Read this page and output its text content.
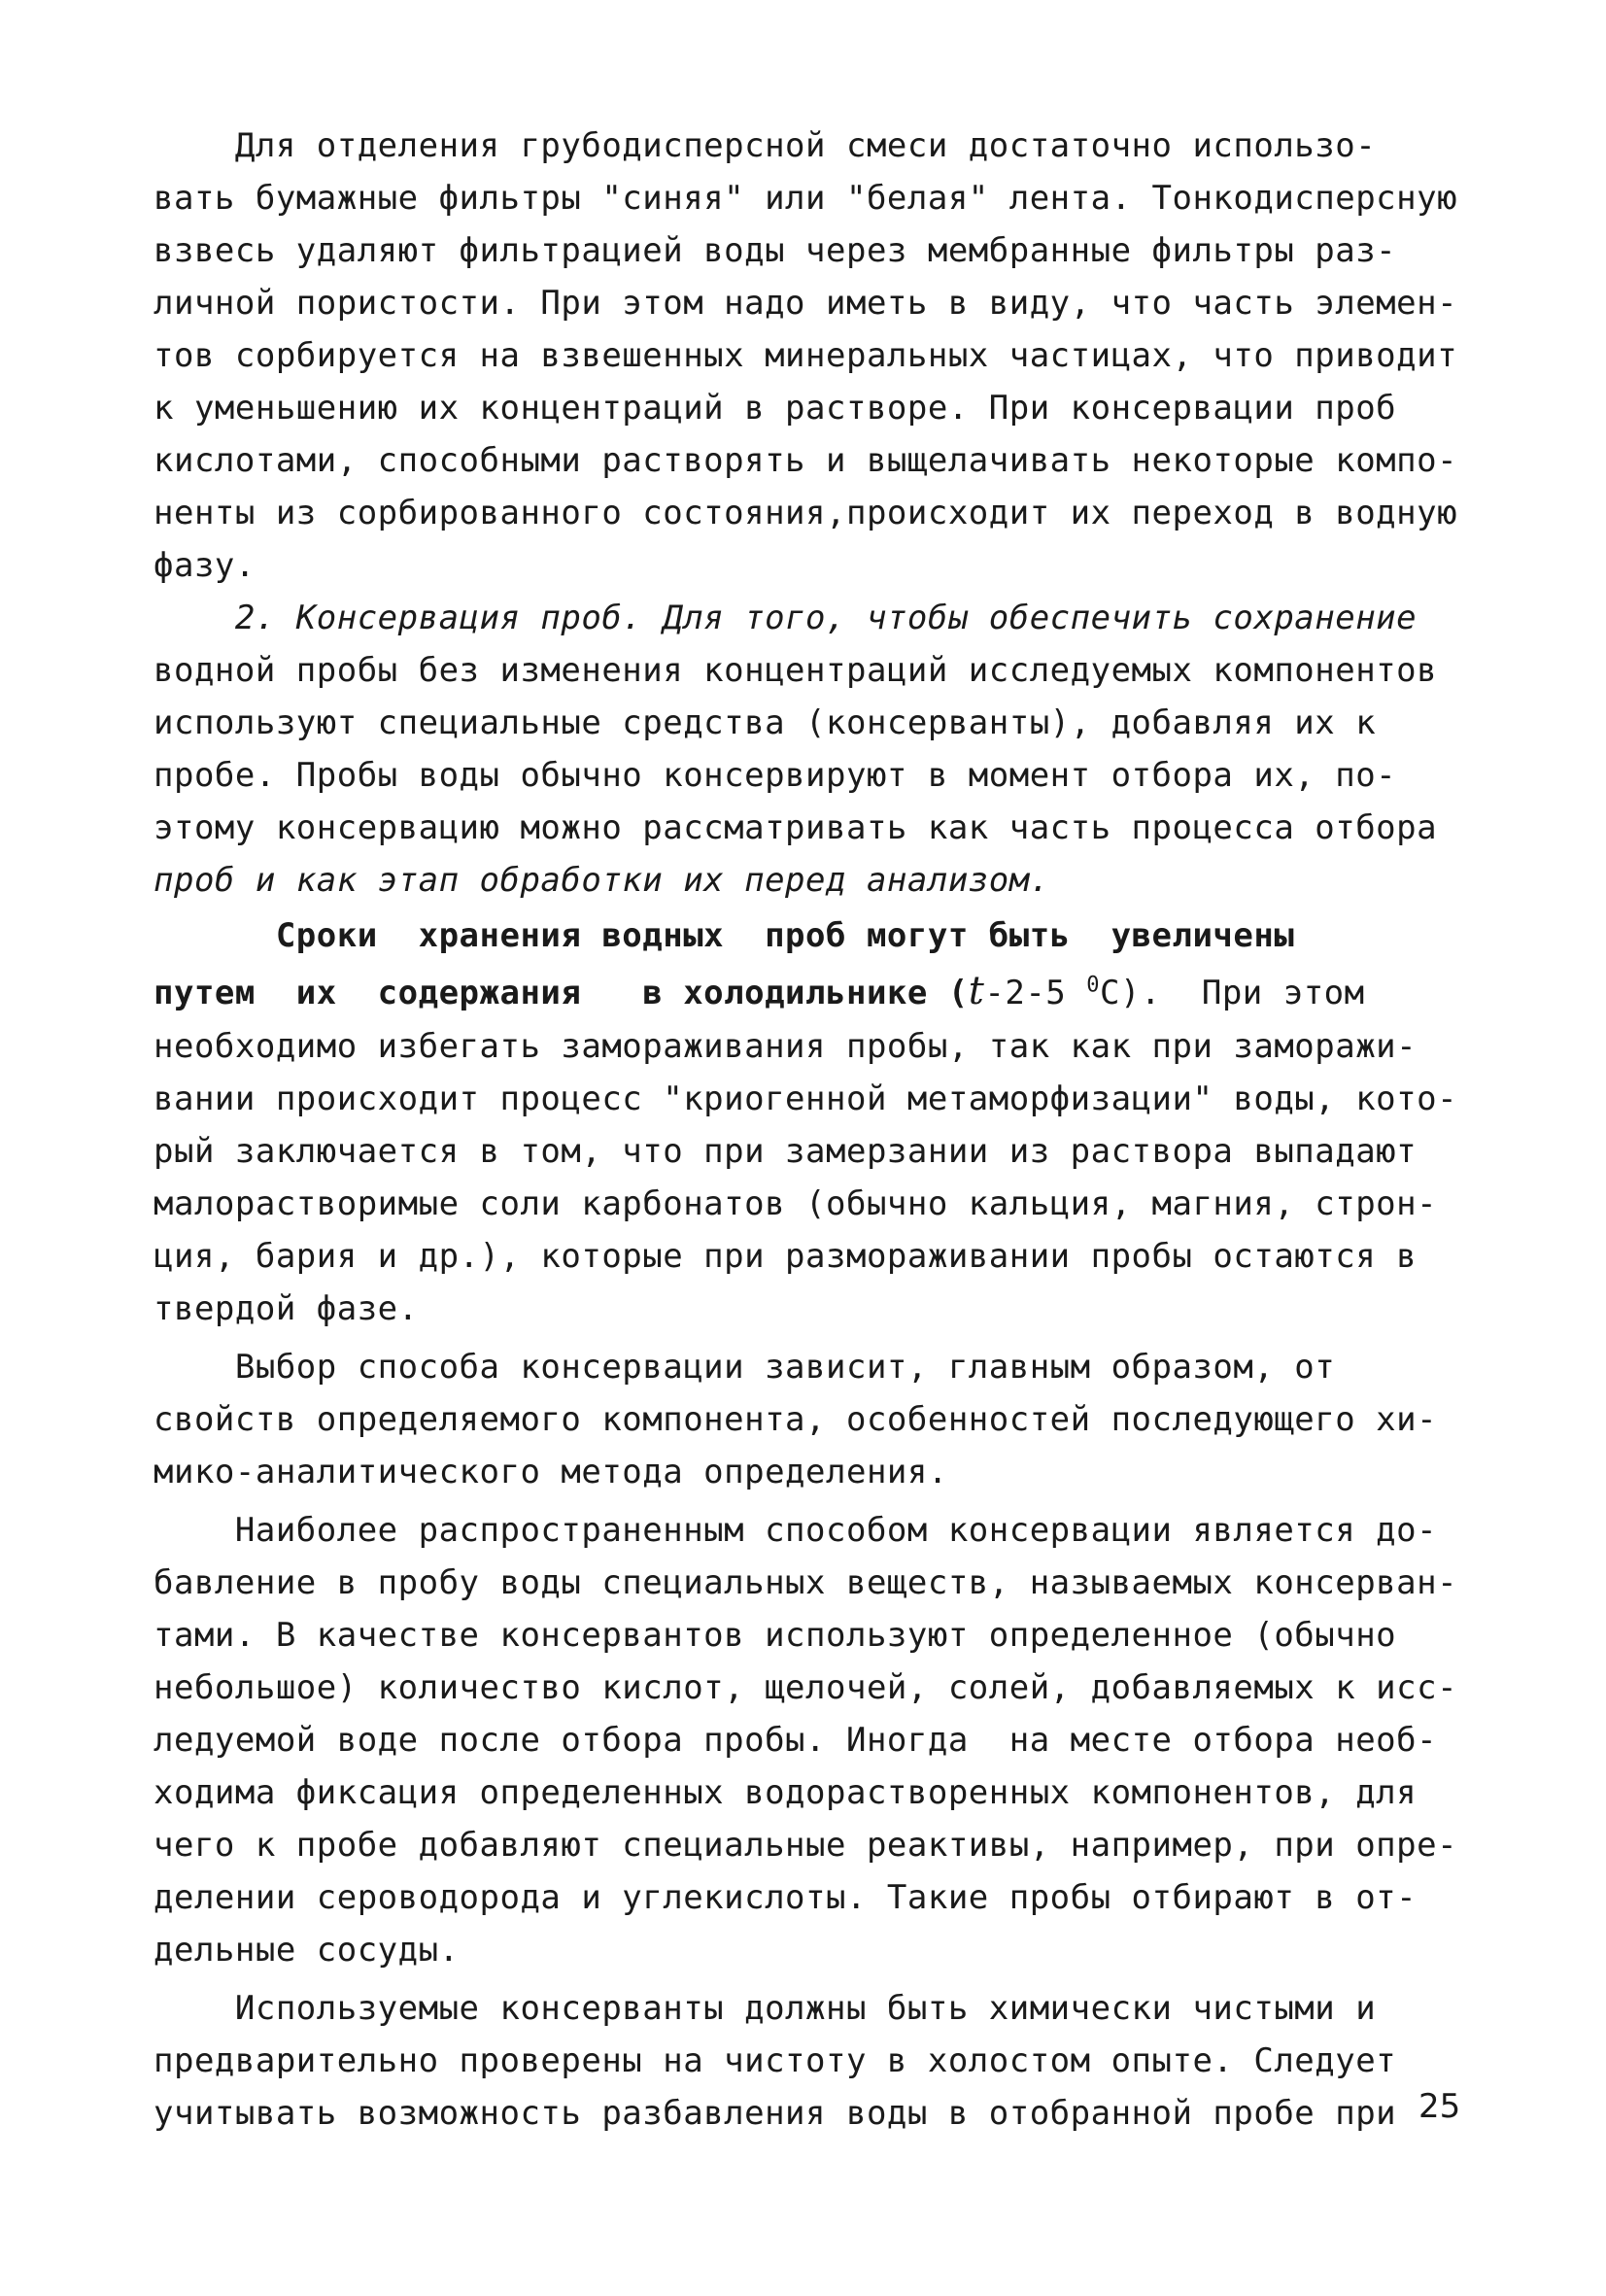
Для отделения грубодисперсной смеси достаточно использо-
вать бумажные фильтры "синяя" или "белая" лента. Тонкодисперсную
взвесь удаляют фильтрацией воды через мембранные фильтры раз-
личной пористости. При этом надо иметь в виду, что часть элемен-
тов сорбируется на взвешенных минеральных частицах, что приводит
к уменьшению их концентраций в растворе. При консервации проб
кислотами, способными растворять и выщелачивать некоторые компо-
ненты из сорбированного состояния,происходит их переход в водную
фазу.
2. Консервация проб. Для того, чтобы обеспечить сохранение
водной пробы без изменения концентраций исследуемых компонентов
используют специальные средства (консерванты), добавляя их к
пробе. Пробы воды обычно консервируют в момент отбора их, по-
этому консервацию можно рассматривать как часть процесса отбора
проб и как этап обработки их перед анализом.
Сроки  хранения водных  проб могут быть  увеличены
путем  их  содержания   в холодильнике (t-2-5 $^0$C).  При этом
необходимо избегать замораживания пробы, так как при заморажи-
вании происходит процесс "криогенной метаморфизации" воды, кото-
рый заключается в том, что при замерзании из раствора выпадают
малорастворимые соли карбонатов (обычно кальция, магния, строн-
ция, бария и др.), которые при размораживании пробы остаются в
твердой фазе.
Выбор способа консервации зависит, главным образом, от
свойств определяемого компонента, особенностей последующего хи-
мико-аналитического метода определения.
Наиболее распространенным способом консервации является до-
бавление в пробу воды специальных веществ, называемых консерван-
тами. В качестве консервантов используют определенное (обычно
небольшое) количество кислот, щелочей, солей, добавляемых к исс-
ледуемой воде после отбора пробы. Иногда  на месте отбора необ-
ходима фиксация определенных водорастворенных компонентов, для
чего к пробе добавляют специальные реактивы, например, при опре-
делении сероводорода и углекислоты. Такие пробы отбирают в от-
дельные сосуды.
Используемые консерванты должны быть химически чистыми и
предварительно проверены на чистоту в холостом опыте. Следует
учитывать возможность разбавления воды в отобранной пробе при 25
